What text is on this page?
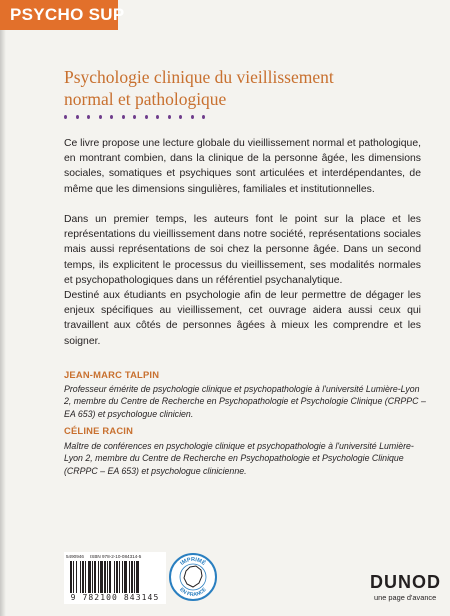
PSYCHO SUP
Psychologie clinique du vieillissement
normal et pathologique

Ce livre propose une lecture globale du vieillissement normal et pathologique, en montrant combien, dans la clinique de la personne âgée, les dimensions sociales, somatiques et psychiques sont articulées et interdépendantes, de même que les dimensions singulières, familiales et institutionnelles.

Dans un premier temps, les auteurs font le point sur la place et les représentations du vieillissement dans notre société, représentations sociales mais aussi représentations de soi chez la personne âgée. Dans un second temps, ils explicitent le processus du vieillissement, ses modalités normales et psychopathologiques dans un référentiel psychanalytique.

Destiné aux étudiants en psychologie afin de leur permettre de dégager les enjeux spécifiques au vieillissement, cet ouvrage aidera aussi ceux qui travaillent aux côtés de personnes âgées à mieux les comprendre et les soigner.

JEAN-MARC TALPIN

Professeur émérite de psychologie clinique et psychopathologie à l'université Lumière-Lyon 2, membre du Centre de Recherche en Psychopathologie et Psychologie Clinique (CRPPC – EA 653) et psychologue clinicien.

CÉLINE RACIN

Maître de conférences en psychologie clinique et psychopathologie à l'université Lumière-Lyon 2, membre du Centre de Recherche en Psychopathologie et Psychologie Clinique (CRPPC – EA 653) et psychologue clinicienne.

5490946 ISBN 978-2-10-084314-5
9 782100 843145
IMPRIMÉ
EN FRANCE	DUNOD
une page d'avance
